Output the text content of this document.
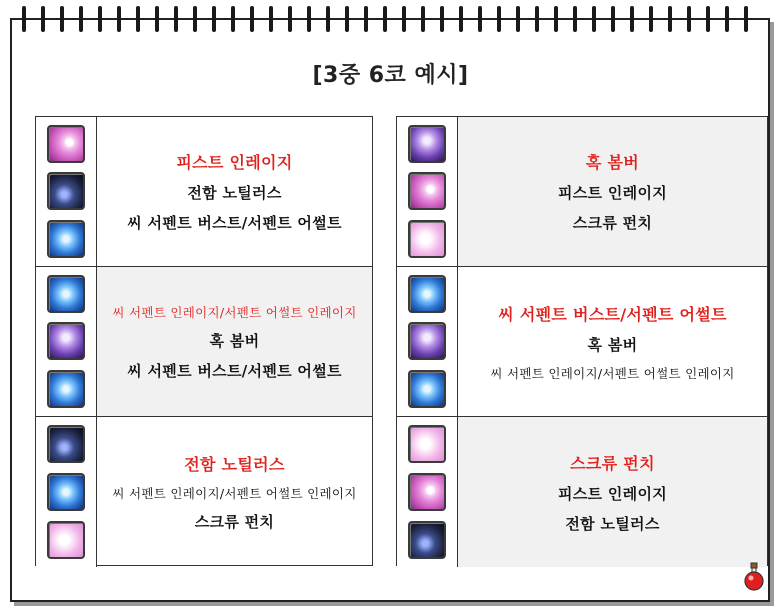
[3중 6코 예시]
피스트 인레이지
전함 노틸러스
씨 서펜트 버스트/서펜트 어썰트
씨 서펜트 인레이지/서펜트 어썰트 인레이지
혹 봄버
씨 서펜트 버스트/서펜트 어썰트
전함 노틸러스
씨 서펜트 인레이지/서펜트 어썰트 인레이지
스크류 펀치
혹 봄버
피스트 인레이지
스크류 펀치
씨 서펜트 버스트/서펜트 어썰트
혹 봄버
씨 서펜트 인레이지/서펜트 어썰트 인레이지
스크류 펀치
피스트 인레이지
전함 노틸러스
